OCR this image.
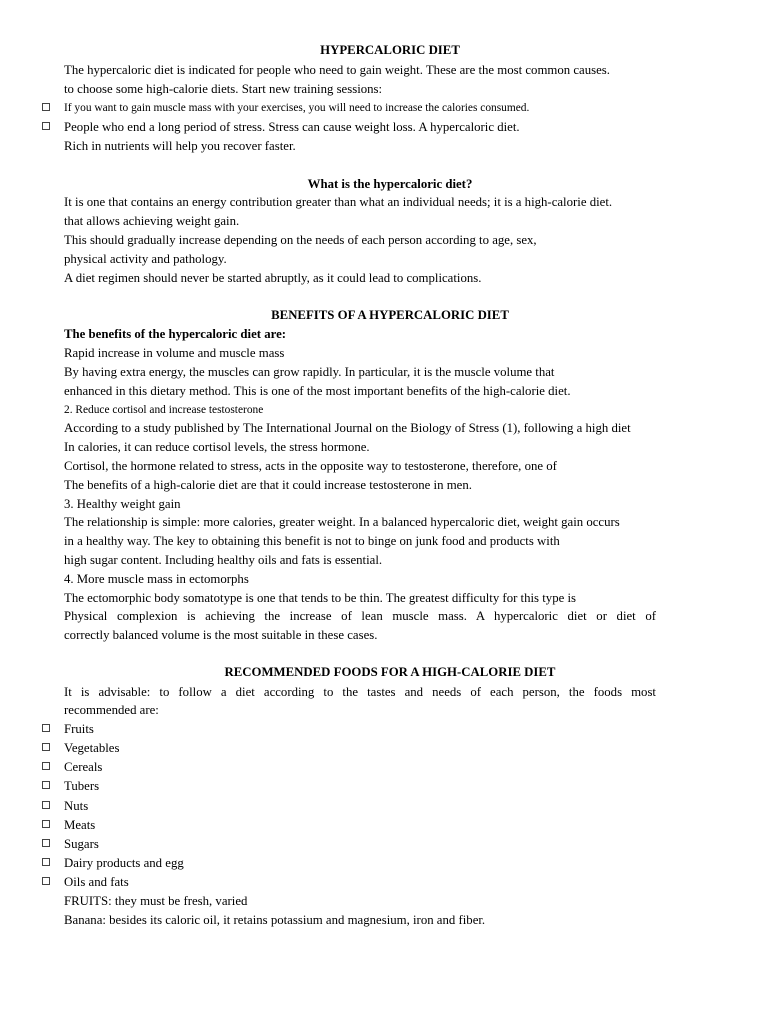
HYPERCALORIC DIET
The hypercaloric diet is indicated for people who need to gain weight. These are the most common causes.
to choose some high-calorie diets. Start new training sessions:
If you want to gain muscle mass with your exercises, you will need to increase the calories consumed.
People who end a long period of stress. Stress can cause weight loss. A hypercaloric diet.
Rich in nutrients will help you recover faster.
What is the hypercaloric diet?
It is one that contains an energy contribution greater than what an individual needs; it is a high-calorie diet.
that allows achieving weight gain.
This should gradually increase depending on the needs of each person according to age, sex,
physical activity and pathology.
A diet regimen should never be started abruptly, as it could lead to complications.
BENEFITS OF A HYPERCALORIC DIET
The benefits of the hypercaloric diet are:
Rapid increase in volume and muscle mass
By having extra energy, the muscles can grow rapidly. In particular, it is the muscle volume that
enhanced in this dietary method. This is one of the most important benefits of the high-calorie diet.
2. Reduce cortisol and increase testosterone
According to a study published by The International Journal on the Biology of Stress (1), following a high diet
In calories, it can reduce cortisol levels, the stress hormone.
Cortisol, the hormone related to stress, acts in the opposite way to testosterone, therefore, one of
The benefits of a high-calorie diet are that it could increase testosterone in men.
3. Healthy weight gain
The relationship is simple: more calories, greater weight. In a balanced hypercaloric diet, weight gain occurs
in a healthy way. The key to obtaining this benefit is not to binge on junk food and products with
high sugar content. Including healthy oils and fats is essential.
4. More muscle mass in ectomorphs
The ectomorphic body somatotype is one that tends to be thin. The greatest difficulty for this type is
Physical complexion is achieving the increase of lean muscle mass. A hypercaloric diet or diet of
correctly balanced volume is the most suitable in these cases.
RECOMMENDED FOODS FOR A HIGH-CALORIE DIET
It is advisable: to follow a diet according to the tastes and needs of each person, the foods most
recommended are:
Fruits
Vegetables
Cereals
Tubers
Nuts
Meats
Sugars
Dairy products and egg
Oils and fats
FRUITS: they must be fresh, varied
Banana: besides its caloric oil, it retains potassium and magnesium, iron and fiber.
